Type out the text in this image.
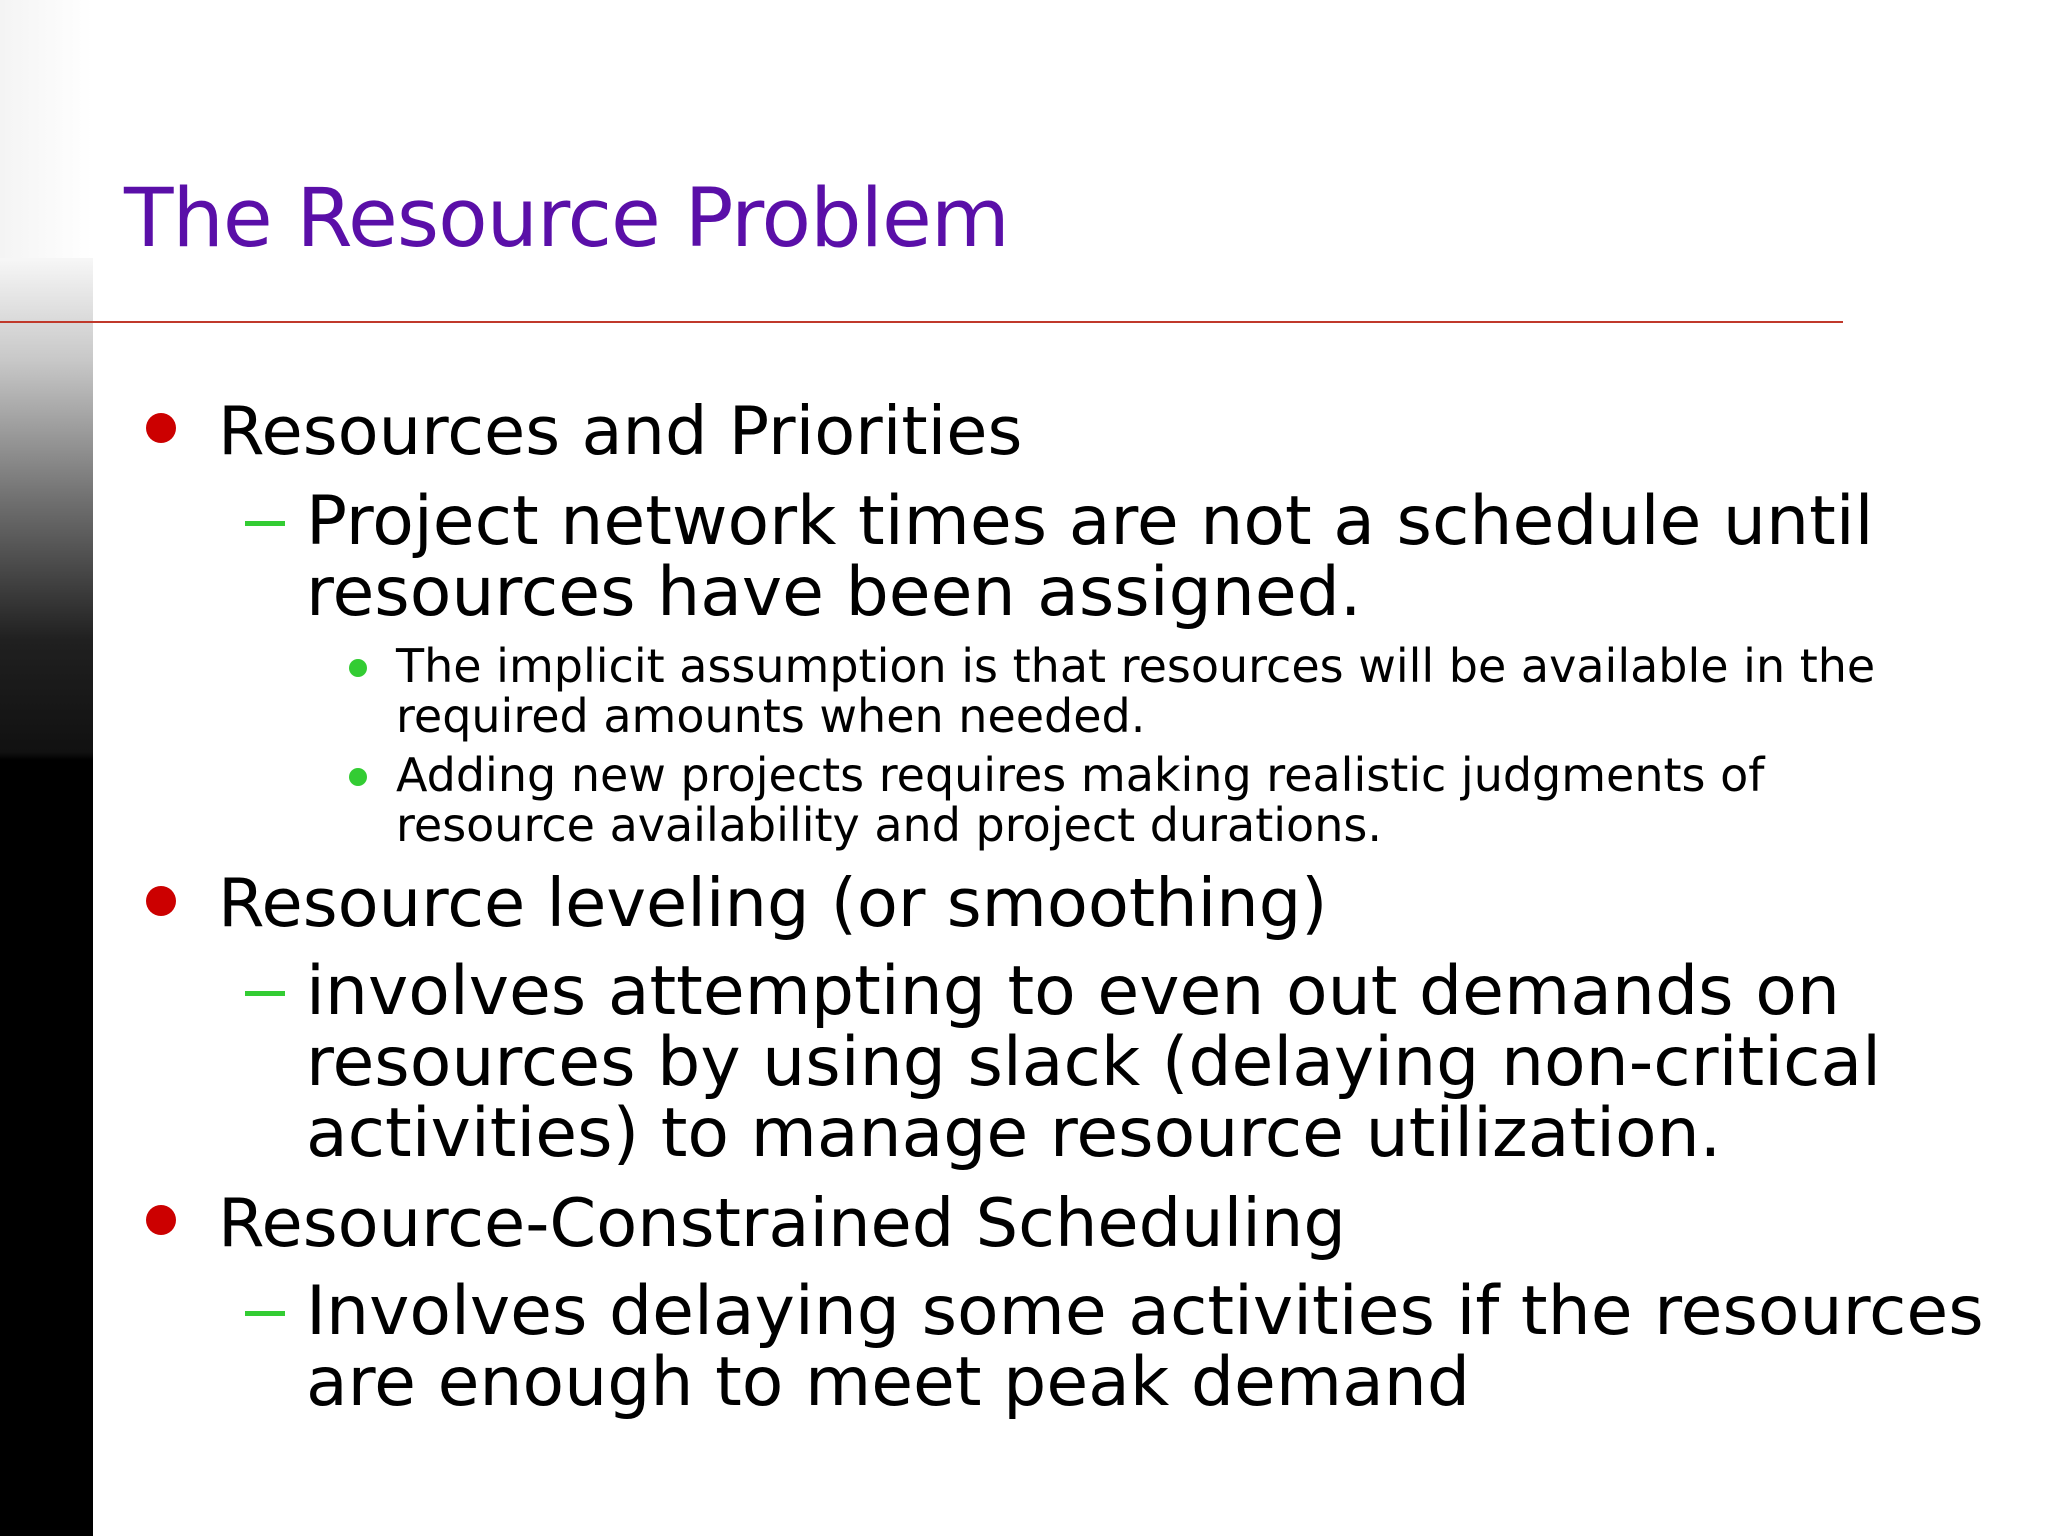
The Resource Problem
Resources and Priorities
Project network times are not a schedule until
resources have been assigned.
The implicit assumption is that resources will be available in the
required amounts when needed.
Adding new projects requires making realistic judgments of
resource availability and project durations.
Resource leveling (or smoothing)
involves attempting to even out demands on
resources by using slack (delaying non-critical
activities) to manage resource utilization.
Resource-Constrained Scheduling
Involves delaying some activities if the resources
are enough to meet peak demand
